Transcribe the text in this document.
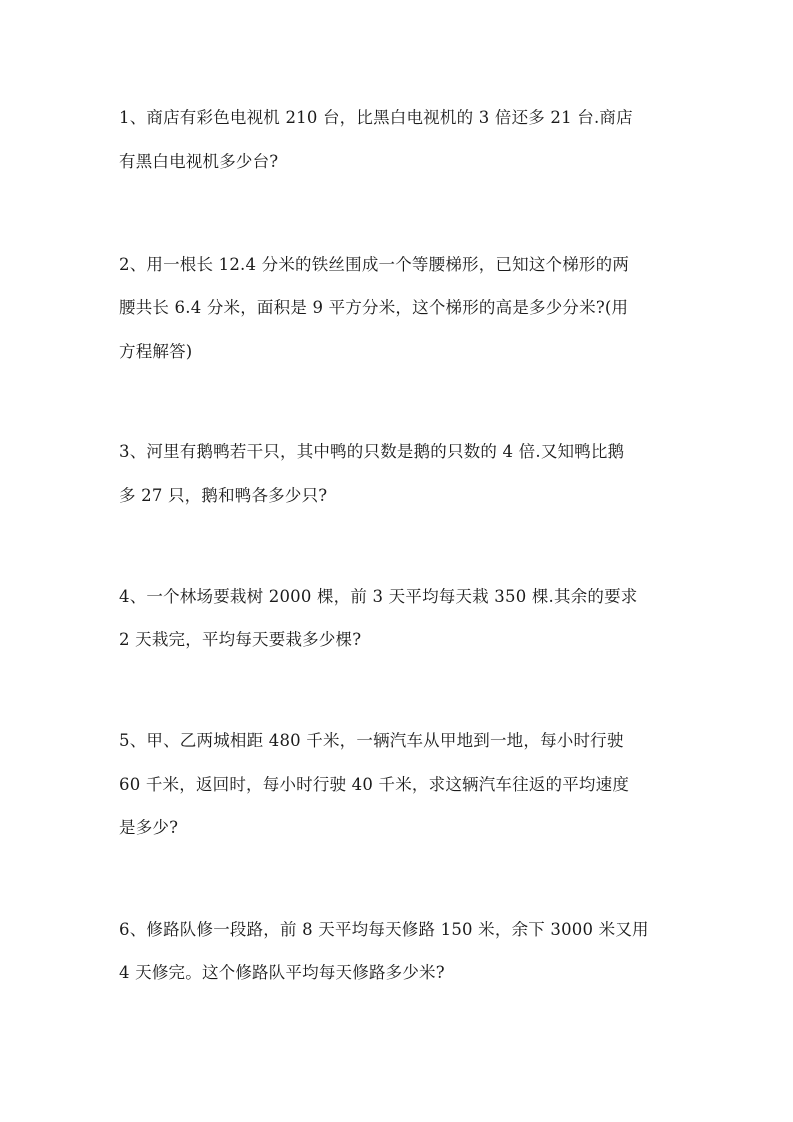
1、商店有彩色电视机 210 台，比黑白电视机的 3 倍还多 21 台.商店
有黑白电视机多少台?
2、用一根长 12.4 分米的铁丝围成一个等腰梯形，已知这个梯形的两
腰共长 6.4 分米，面积是 9 平方分米，这个梯形的高是多少分米?(用
方程解答)
3、河里有鹅鸭若干只，其中鸭的只数是鹅的只数的 4 倍.又知鸭比鹅
多 27 只，鹅和鸭各多少只?
4、一个林场要栽树 2000 棵，前 3 天平均每天栽 350 棵.其余的要求
2 天栽完，平均每天要栽多少棵?
5、甲、乙两城相距 480 千米，一辆汽车从甲地到一地，每小时行驶
60 千米，返回时，每小时行驶 40 千米，求这辆汽车往返的平均速度
是多少?
6、修路队修一段路，前 8 天平均每天修路 150 米，余下 3000 米又用
4 天修完。这个修路队平均每天修路多少米?
